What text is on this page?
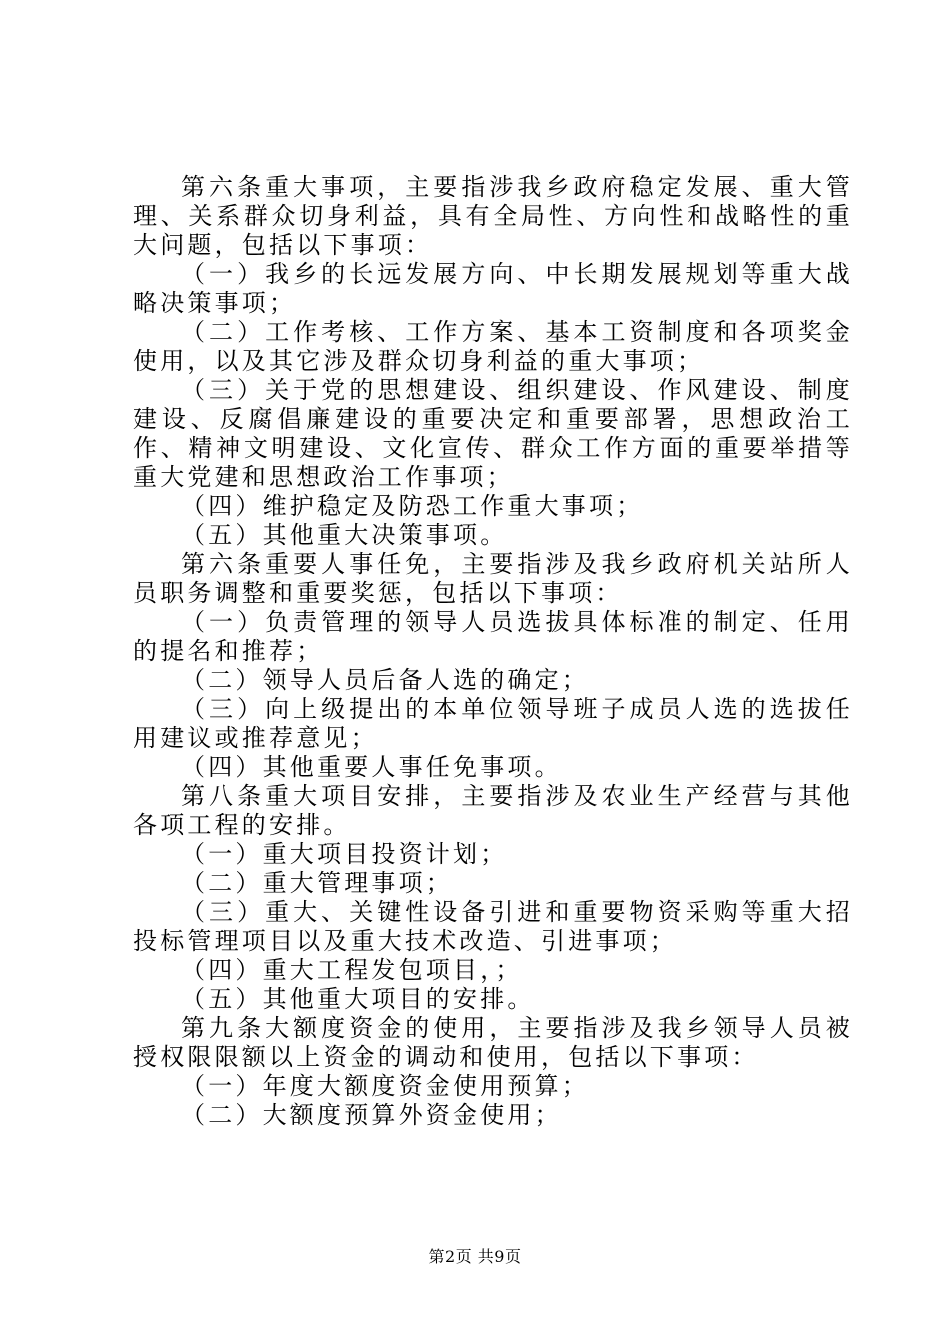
第六条重大事项，主要指涉我乡政府稳定发展、重大管理、关系群众切身利益，具有全局性、方向性和战略性的重大问题，包括以下事项：

（一）我乡的长远发展方向、中长期发展规划等重大战略决策事项；

（二）工作考核、工作方案、基本工资制度和各项奖金使用，以及其它涉及群众切身利益的重大事项；

（三）关于党的思想建设、组织建设、作风建设、制度建设、反腐倡廉建设的重要决定和重要部署，思想政治工作、精神文明建设、文化宣传、群众工作方面的重要举措等重大党建和思想政治工作事项；

（四）维护稳定及防恐工作重大事项；

（五）其他重大决策事项。

第六条重要人事任免，主要指涉及我乡政府机关站所人员职务调整和重要奖惩，包括以下事项：

（一）负责管理的领导人员选拔具体标准的制定、任用的提名和推荐；

（二）领导人员后备人选的确定；

（三）向上级提出的本单位领导班子成员人选的选拔任用建议或推荐意见；

（四）其他重要人事任免事项。

第八条重大项目安排，主要指涉及农业生产经营与其他各项工程的安排。

（一）重大项目投资计划；

（二）重大管理事项；

（三）重大、关键性设备引进和重要物资采购等重大招投标管理项目以及重大技术改造、引进事项；

（四）重大工程发包项目，；

（五）其他重大项目的安排。

第九条大额度资金的使用，主要指涉及我乡领导人员被授权限限额以上资金的调动和使用，包括以下事项：

（一）年度大额度资金使用预算；

（二）大额度预算外资金使用；

第2页 共9页
